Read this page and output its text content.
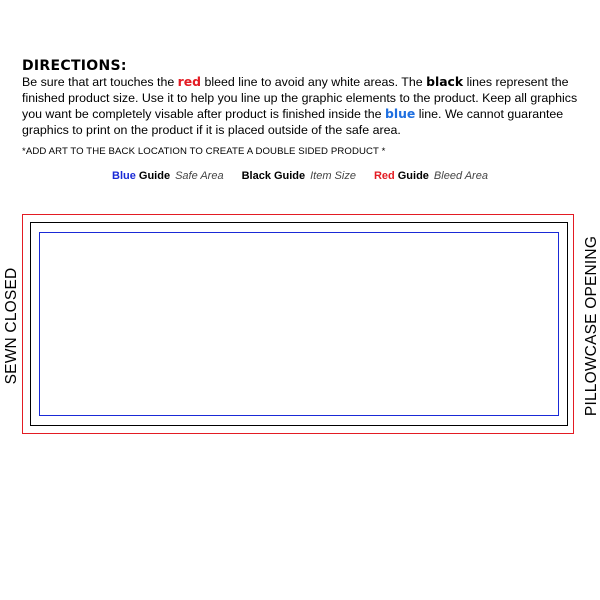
DIRECTIONS:
Be sure that art touches the red bleed line to avoid any white areas. The black lines represent the finished product size. Use it to help you line up the graphic elements to the product. Keep all graphics you want be completely visable after product is finished inside the blue line. We cannot guarantee graphics to print on the product if it is placed outside of the safe area.
*ADD ART TO THE BACK LOCATION TO CREATE A DOUBLE SIDED PRODUCT *
Blue Guide Safe Area Black Guide Item Size Red Guide Bleed Area
SEWN CLOSED	PILLOWCASE OPENING
